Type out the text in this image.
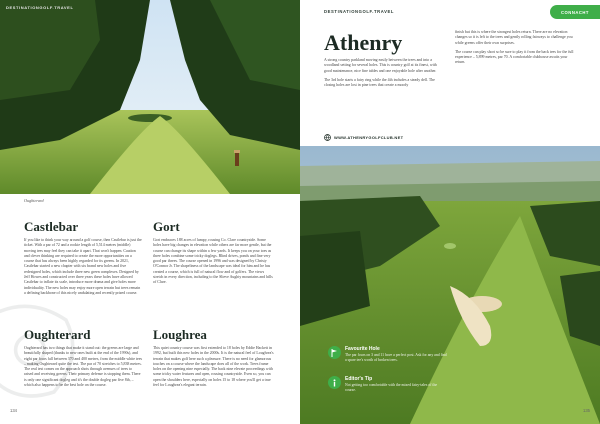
DESTINATIONGOLF.TRAVEL
Oughterard
Castlebar

If you like to think your way around a golf course, then Castlebar is just the ticket. With a par of 72 and a rookie length of 5,514 metres (middle) moving tees may feel they can take it apart. That won't happen. Caution and clever thinking are required to create the more opportunities on a course that has always been highly regarded for its greens. In 2021, Castlebar started a new chapter with six brand new holes and five redesigned holes, which include three new green complexes. Designed by Jeff Howes and constructed over three years these holes have allowed Castlebar to inflate its scale, introduce more drama and give holes more individuality. The new holes may enjoy more open terrain but trees remain a defining backbone of this nicely undulating and recently prized course.

Gort

Gort embraces 188 acres of lumpy, rousing Co. Clare countryside. Some holes have big changes in elevation while others are far more gentle, but the course can change its shape within a few yards. It keeps you on your toes as three holes combine some tricky doglegs. Blind drives, ponds and fine very good par threes. The course opened in 1996 and was designed by Christy O'Connor Jr. The shapeliness of the landscape was ideal for him and he has created a course, which is full of natural flow and of golfers. The views stretch in every direction, including to the Slieve Aughty mountains and hills of Clare.

Oughterard

Oughterard has two things that make it stand out: the greens are large and beautifully shaped (thanks to new ones built at the end of the 1990s), and eight par fours fall between 370 and 400 metres, from the middle white tees – making Oughterard quite the test. The par of 70 stretches to 5,838 metres. The real test comes on the approach shots through avenues of trees to raised and receiving greens. Their primary defense is stopping them. There is only one significant dogleg and it's the double dogleg par five 8th, – which also happens to be the best hole on the course.

Loughrea

This quiet country course was first extended to 18 holes by Eddie Hackett in 1992, but built this new holes in the 2000s. It is the natural feel of Loughrea's terrain that makes golf here such a pleasure. There is no need for glamorous touches on a course where the landscape does all of the work. Trees frame holes on the opening nine especially. The back nine elevate proceedings with some tricky water features and open, rousing countryside. Even so, you can open the shoulders here, especially on holes 15 to 18 where you'll get a true feel for Loughrea's elegant terrain.

134
DESTINATIONGOLF.TRAVEL	CONNACHT
Athenry

A strong country parkland moving easily between the trees and into a woodland setting for several holes. This is country golf at its finest, with good maintenance, nice fine tables and one enjoyable hole after another.

The 3rd hole starts a fairy ring while the 4th includes a steady dell. The closing holes are lost in pine trees that create a moody

finish but this is where the strongest holes return. There are no elevation changes so it is left to the trees and gently rolling fairways to challenge you while greens offer their own surprises.

The course can play short so be sure to play it from the back tees for the full experience – 5,899 metres, par 70. A comfortable clubhouse awaits your return.

WWW.ATHENRYGOLFCLUB.NET
Favourite Hole

The par fours on 3 and 11 have a perfect post. Ask for any and find a spare tee's worth of broken trees.

Editor's Tip

Not getting too comfortable with the mixed fairy-tales of the course.

135
